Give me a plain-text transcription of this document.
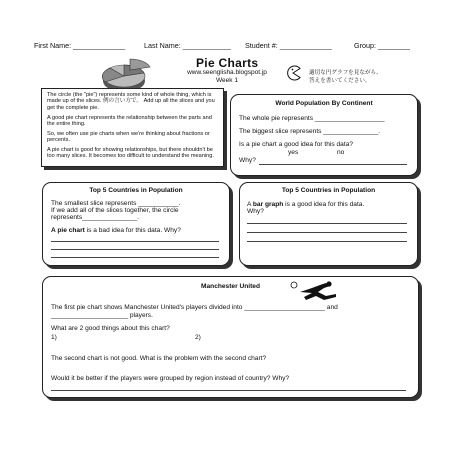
First Name: _____________	Last Name: ____________ Student #: _____________	Group: ________
Pie Charts
www.seenglisha.blogspot.jp
Week 1
適切な円グラフを見ながら、
答えを書いてください。

The circle (the "pie") represents some kind of whole thing, which is made up of the slices. 例の言い方で。 Add up all the slices and you get the complete pie.

A good pie chart represents the relationship between the parts and the entire thing.

So, we often use pie charts when we're thinking about fractions or percents.

A pie chart is good for showing relationships, but there shouldn't be too many slices. It becomes too difficult to understand the meaning.

World Population By Continent
The whole pie represents ___________________
The biggest slice represents _______________.
Is a pie chart a good idea for this data?
yes	no
Why?
Top 5 Countries in Population
The smallest slice represents ___________.
If we add all of the slices together, the circle
represents_______________.
A pie chart is a bad idea for this data. Why?
Top 5 Countries in Population
A bar graph is a good idea for this data.
Why?
Manchester United
The first pie chart shows Manchester United's players divided into ______________________ and
_____________________ players.
What are 2 good things about this chart?
1)	2)
The second chart is not good. What is the problem with the second chart?
Would it be better if the players were grouped by region instead of country? Why?
